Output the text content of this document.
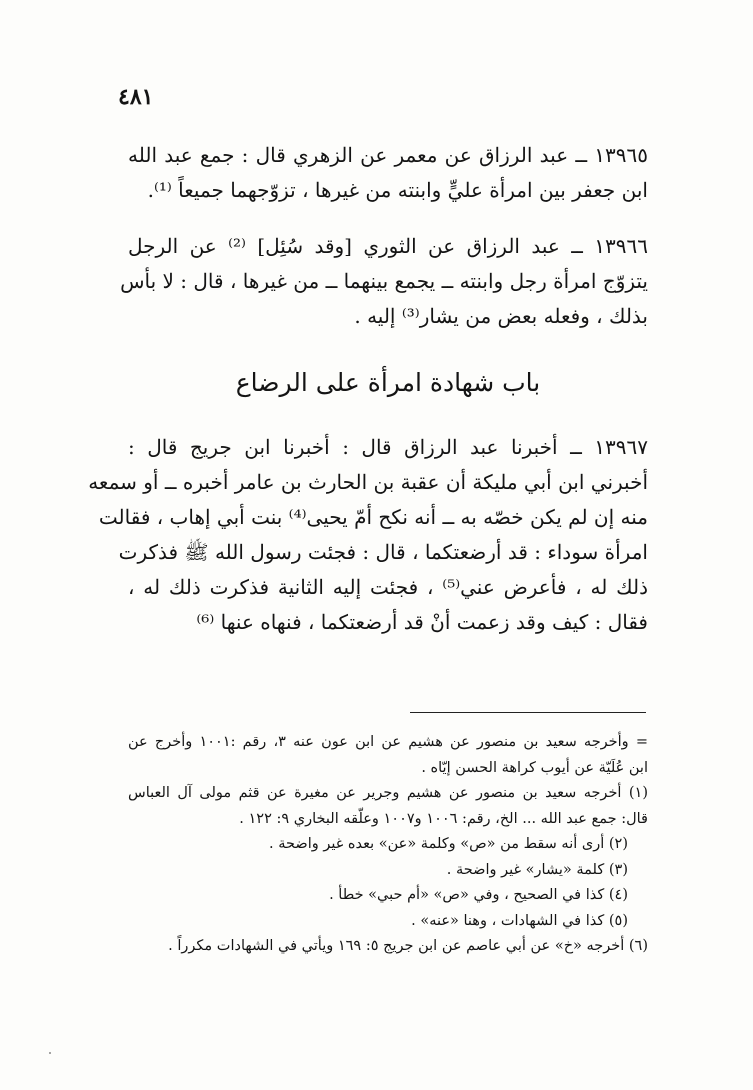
٤٨١
١٣٩٦٥ ــ عبد الرزاق عن معمر عن الزهري قال : جمع عبد الله
ابن جعفر بين امرأة عليٍّ وابنته من غيرها ، تزوّجهما جميعاً ⁽¹⁾.
١٣٩٦٦ ــ عبد الرزاق عن الثوري [وقد سُئِل] ⁽²⁾ عن الرجل
يتزوّج امرأة رجل وابنته ــ يجمع بينهما ــ من غيرها ، قال : لا بأس
بذلك ، وفعله بعض من يشار⁽³⁾ إليه .
باب شهادة امرأة على الرضاع
١٣٩٦٧ ــ أخبرنا عبد الرزاق قال : أخبرنا ابن جريج قال :
أخبرني ابن أبي مليكة أن عقبة بن الحارث بن عامر أخبره ــ أو سمعه
منه إن لم يكن خصّه به ــ أنه نكح أمّ يحيى⁽⁴⁾ بنت أبي إهاب ، فقالت
امرأة سوداء : قد أرضعتكما ، قال : فجئت رسول الله ﷺ فذكرت
ذلك له ، فأعرض عني⁽⁵⁾ ، فجئت إليه الثانية فذكرت ذلك له ،
فقال : كيف وقد زعمت أنْ قد أرضعتكما ، فنهاه عنها ⁽⁶⁾
= وأخرجه سعيد بن منصور عن هشيم عن ابن عون عنه ٣، رقم :١٠٠١ وأخرج عن
ابن عُلَيّة عن أيوب كراهة الحسن إيّاه .
(١) أخرجه سعيد بن منصور عن هشيم وجرير عن مغيرة عن قثم مولى آل العباس
قال: جمع عبد الله ... الخ، رقم: ١٠٠٦ و١٠٠٧ وعلّقه البخاري ٩: ١٢٢ .
(٢) أرى أنه سقط من «ص» وكلمة «عن» بعده غير واضحة .
(٣) كلمة «يشار» غير واضحة .
(٤) كذا في الصحيح ، وفي «ص» «أم حبي» خطأ .
(٥) كذا في الشهادات ، وهنا «عنه» .
(٦) أخرجه «خ» عن أبي عاصم عن ابن جريج ٥: ١٦٩ ويأتي في الشهادات مكرراً .
